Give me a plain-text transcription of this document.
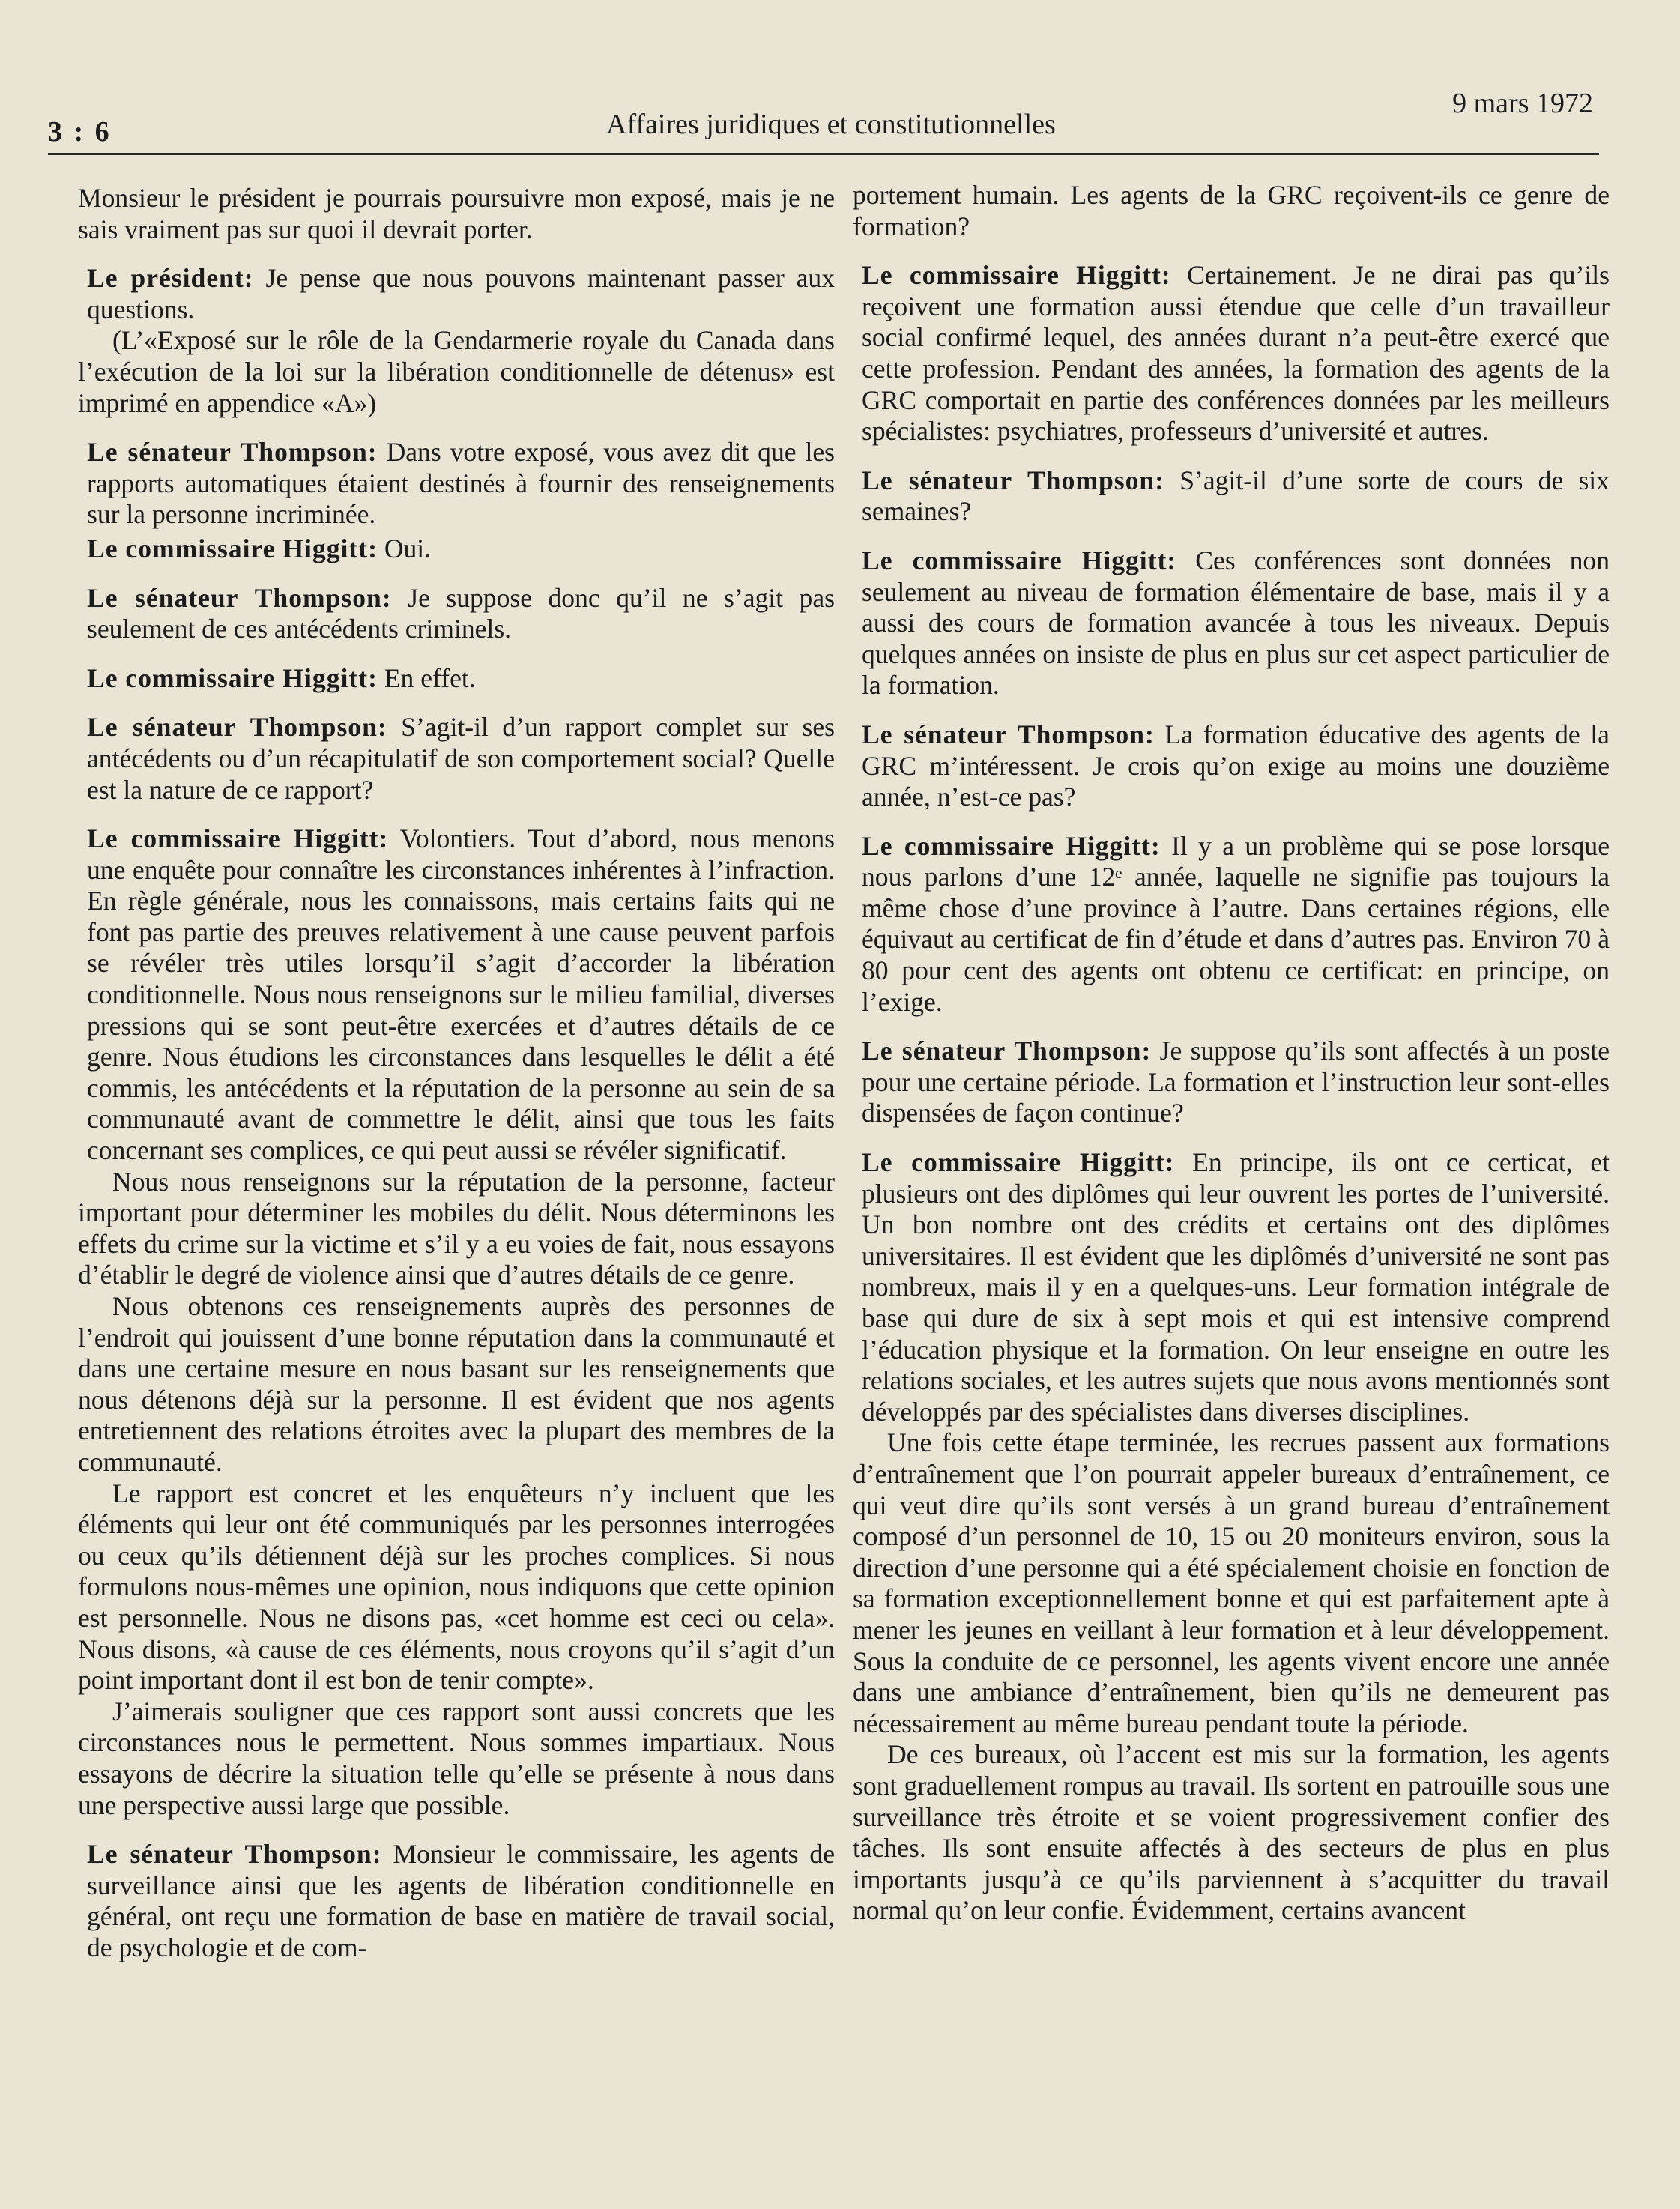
3 : 6	Affaires juridiques et constitutionnelles
9 mars 1972

Monsieur le président je pourrais poursuivre mon exposé, mais je ne sais vraiment pas sur quoi il devrait porter.

Le président: Je pense que nous pouvons maintenant passer aux questions.

(L’«Exposé sur le rôle de la Gendarmerie royale du Canada dans l’exécution de la loi sur la libération conditionnelle de détenus» est imprimé en appendice «A»)

Le sénateur Thompson: Dans votre exposé, vous avez dit que les rapports automatiques étaient destinés à fournir des renseignements sur la personne incriminée.

Le commissaire Higgitt: Oui.

Le sénateur Thompson: Je suppose donc qu’il ne s’agit pas seulement de ces antécédents criminels.

Le commissaire Higgitt: En effet.

Le sénateur Thompson: S’agit-il d’un rapport complet sur ses antécédents ou d’un récapitulatif de son comportement social? Quelle est la nature de ce rapport?

Le commissaire Higgitt: Volontiers. Tout d’abord, nous menons une enquête pour connaître les circonstances inhérentes à l’infraction. En règle générale, nous les connaissons, mais certains faits qui ne font pas partie des preuves relativement à une cause peuvent parfois se révéler très utiles lorsqu’il s’agit d’accorder la libération conditionnelle. Nous nous renseignons sur le milieu familial, diverses pressions qui se sont peut-être exercées et d’autres détails de ce genre. Nous étudions les circonstances dans lesquelles le délit a été commis, les antécédents et la réputation de la personne au sein de sa communauté avant de commettre le délit, ainsi que tous les faits concernant ses complices, ce qui peut aussi se révéler significatif.

Nous nous renseignons sur la réputation de la personne, facteur important pour déterminer les mobiles du délit. Nous déterminons les effets du crime sur la victime et s’il y a eu voies de fait, nous essayons d’établir le degré de violence ainsi que d’autres détails de ce genre.

Nous obtenons ces renseignements auprès des personnes de l’endroit qui jouissent d’une bonne réputation dans la communauté et dans une certaine mesure en nous basant sur les renseignements que nous détenons déjà sur la personne. Il est évident que nos agents entretiennent des relations étroites avec la plupart des membres de la communauté.

Le rapport est concret et les enquêteurs n’y incluent que les éléments qui leur ont été communiqués par les personnes interrogées ou ceux qu’ils détiennent déjà sur les proches complices. Si nous formulons nous-mêmes une opinion, nous indiquons que cette opinion est personnelle. Nous ne disons pas, «cet homme est ceci ou cela». Nous disons, «à cause de ces éléments, nous croyons qu’il s’agit d’un point important dont il est bon de tenir compte».

J’aimerais souligner que ces rapport sont aussi concrets que les circonstances nous le permettent. Nous sommes impartiaux. Nous essayons de décrire la situation telle qu’elle se présente à nous dans une perspective aussi large que possible.

Le sénateur Thompson: Monsieur le commissaire, les agents de surveillance ainsi que les agents de libération conditionnelle en général, ont reçu une formation de base en matière de travail social, de psychologie et de com-

portement humain. Les agents de la GRC reçoivent-ils ce genre de formation?

Le commissaire Higgitt: Certainement. Je ne dirai pas qu’ils reçoivent une formation aussi étendue que celle d’un travailleur social confirmé lequel, des années durant n’a peut-être exercé que cette profession. Pendant des années, la formation des agents de la GRC comportait en partie des conférences données par les meilleurs spécialistes: psychiatres, professeurs d’université et autres.

Le sénateur Thompson: S’agit-il d’une sorte de cours de six semaines?

Le commissaire Higgitt: Ces conférences sont données non seulement au niveau de formation élémentaire de base, mais il y a aussi des cours de formation avancée à tous les niveaux. Depuis quelques années on insiste de plus en plus sur cet aspect particulier de la formation.

Le sénateur Thompson: La formation éducative des agents de la GRC m’intéressent. Je crois qu’on exige au moins une douzième année, n’est-ce pas?

Le commissaire Higgitt: Il y a un problème qui se pose lorsque nous parlons d’une 12ᵉ année, laquelle ne signifie pas toujours la même chose d’une province à l’autre. Dans certaines régions, elle équivaut au certificat de fin d’étude et dans d’autres pas. Environ 70 à 80 pour cent des agents ont obtenu ce certificat: en principe, on l’exige.

Le sénateur Thompson: Je suppose qu’ils sont affectés à un poste pour une certaine période. La formation et l’instruction leur sont-elles dispensées de façon continue?

Le commissaire Higgitt: En principe, ils ont ce certicat, et plusieurs ont des diplômes qui leur ouvrent les portes de l’université. Un bon nombre ont des crédits et certains ont des diplômes universitaires. Il est évident que les diplômés d’université ne sont pas nombreux, mais il y en a quelques-uns. Leur formation intégrale de base qui dure de six à sept mois et qui est intensive comprend l’éducation physique et la formation. On leur enseigne en outre les relations sociales, et les autres sujets que nous avons mentionnés sont développés par des spécialistes dans diverses disciplines.

Une fois cette étape terminée, les recrues passent aux formations d’entraînement que l’on pourrait appeler bureaux d’entraînement, ce qui veut dire qu’ils sont versés à un grand bureau d’entraînement composé d’un personnel de 10, 15 ou 20 moniteurs environ, sous la direction d’une personne qui a été spécialement choisie en fonction de sa formation exceptionnellement bonne et qui est parfaitement apte à mener les jeunes en veillant à leur formation et à leur développement. Sous la conduite de ce personnel, les agents vivent encore une année dans une ambiance d’entraînement, bien qu’ils ne demeurent pas nécessairement au même bureau pendant toute la période.

De ces bureaux, où l’accent est mis sur la formation, les agents sont graduellement rompus au travail. Ils sortent en patrouille sous une surveillance très étroite et se voient progressivement confier des tâches. Ils sont ensuite affectés à des secteurs de plus en plus importants jusqu’à ce qu’ils parviennent à s’acquitter du travail normal qu’on leur confie. Évidemment, certains avancent
